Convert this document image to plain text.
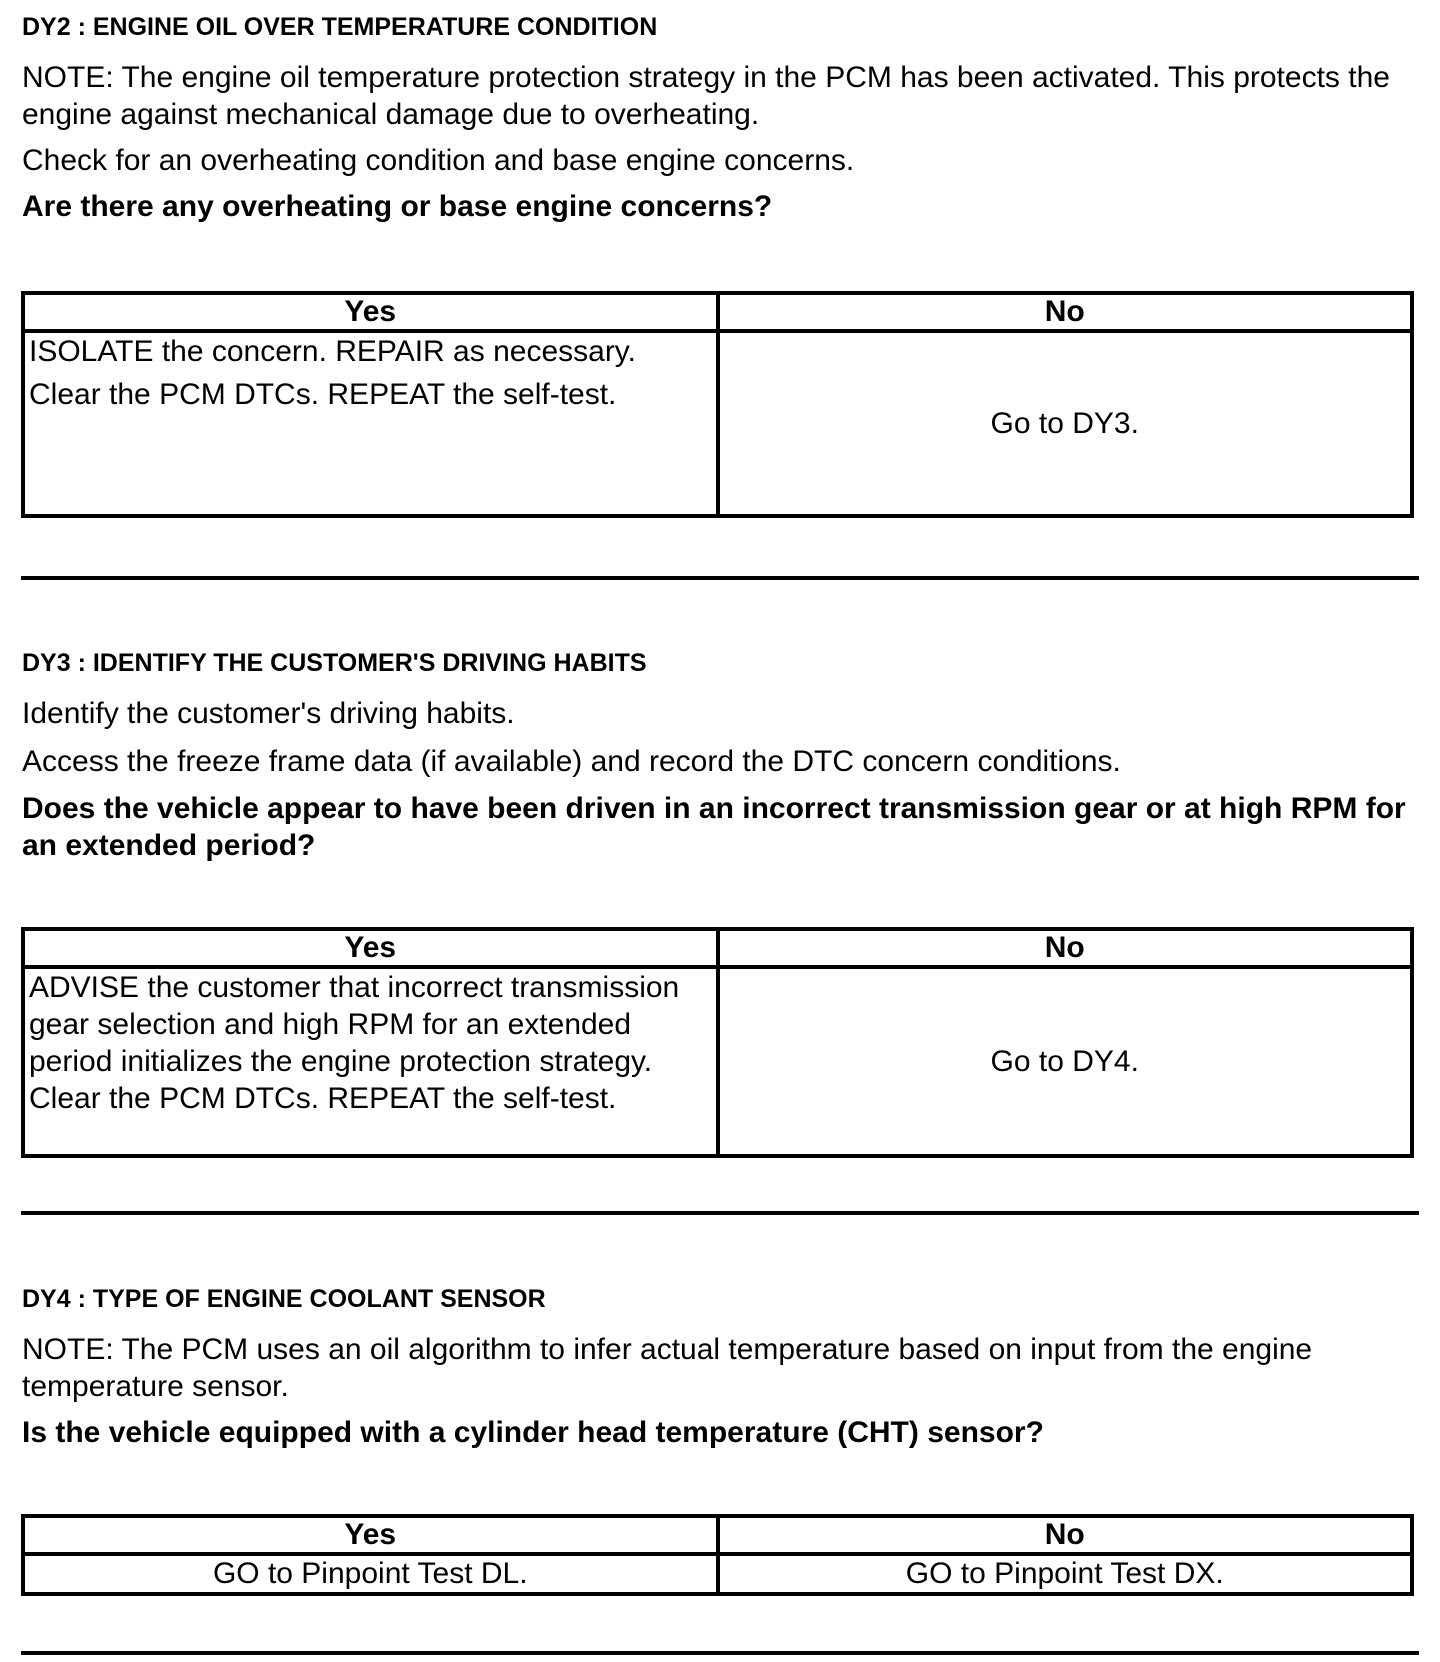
DY2 : ENGINE OIL OVER TEMPERATURE CONDITION

NOTE: The engine oil temperature protection strategy in the PCM has been activated. This protects the engine against mechanical damage due to overheating.

Check for an overheating condition and base engine concerns.

Are there any overheating or base engine concerns?

Yes	No

ISOLATE the concern. REPAIR as necessary.
Clear the PCM DTCs. REPEAT the self-test.	Go to DY3.
DY3 : IDENTIFY THE CUSTOMER'S DRIVING HABITS

Identify the customer's driving habits.

Access the freeze frame data (if available) and record the DTC concern conditions.

Does the vehicle appear to have been driven in an incorrect transmission gear or at high RPM for an extended period?

Yes	No

ADVISE the customer that incorrect transmission gear selection and high RPM for an extended period initializes the engine protection strategy.
Clear the PCM DTCs. REPEAT the self-test.	Go to DY4.
DY4 : TYPE OF ENGINE COOLANT SENSOR

NOTE: The PCM uses an oil algorithm to infer actual temperature based on input from the engine temperature sensor.

Is the vehicle equipped with a cylinder head temperature (CHT) sensor?

Yes	No
GO to Pinpoint Test DL.	GO to Pinpoint Test DX.
